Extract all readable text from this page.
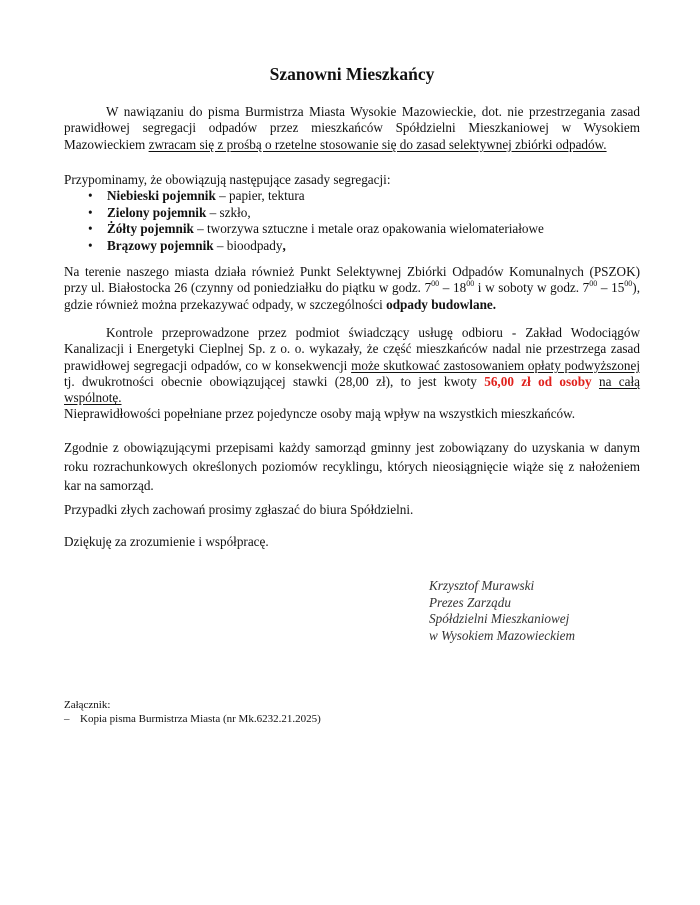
Szanowni Mieszkańcy
W nawiązaniu do pisma Burmistrza Miasta Wysokie Mazowieckie, dot. nie przestrzegania zasad prawidłowej segregacji odpadów przez mieszkańców Spółdzielni Mieszkaniowej w Wysokiem Mazowieckiem zwracam się z prośbą o rzetelne stosowanie się do zasad selektywnej zbiórki odpadów.
Przypominamy, że obowiązują następujące zasady segregacji:
• Niebieski pojemnik – papier, tektura
• Zielony pojemnik – szkło,
• Żółty pojemnik – tworzywa sztuczne i metale oraz opakowania wielomateriałowe
• Brązowy pojemnik – bioodpady,
Na terenie naszego miasta działa również Punkt Selektywnej Zbiórki Odpadów Komunalnych (PSZOK) przy ul. Białostocka 26 (czynny od poniedziałku do piątku w godz. $7^{00} - 18^{00}$ i w soboty w godz. $7^{00} - 15^{00}$), gdzie również można przekazywać odpady, w szczególności odpady budowlane.
Kontrole przeprowadzone przez podmiot świadczący usługę odbioru - Zakład Wodociągów Kanalizacji i Energetyki Cieplnej Sp. z o. o. wykazały, że część mieszkańców nadal nie przestrzega zasad prawidłowej segregacji odpadów, co w konsekwencji może skutkować zastosowaniem opłaty podwyższonej tj. dwukrotności obecnie obowiązującej stawki (28,00 zł), to jest kwoty 56,00 zł od osoby na całą wspólnotę.
Nieprawidłowości popełniane przez pojedyncze osoby mają wpływ na wszystkich mieszkańców.
Zgodnie z obowiązującymi przepisami każdy samorząd gminny jest zobowiązany do uzyskania w danym roku rozrachunkowych określonych poziomów recyklingu, których nieosiągnięcie wiąże się z nałożeniem kar na samorząd.
Przypadki złych zachowań prosimy zgłaszać do biura Spółdzielni.
Dziękuję za zrozumienie i współpracę.
Krzysztof Murawski
Prezes Zarządu
Spółdzielni Mieszkaniowej
w Wysokiem Mazowieckiem
Załącznik:
– Kopia pisma Burmistrza Miasta (nr Mk.6232.21.2025)
